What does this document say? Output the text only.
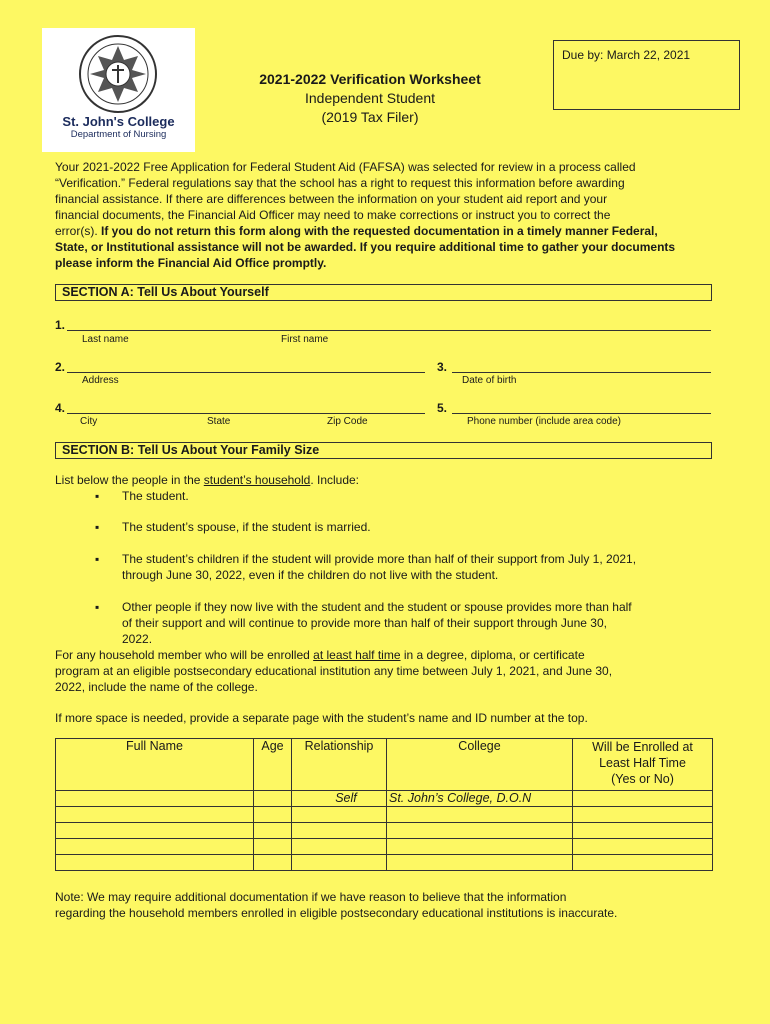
St. John's College
Department of Nursing
Due by: March 22, 2021
2021-2022 Verification Worksheet
Independent Student
(2019 Tax Filer)
Your 2021-2022 Free Application for Federal Student Aid (FAFSA) was selected for review in a process called
“Verification.” Federal regulations say that the school has a right to request this information before awarding
financial assistance. If there are differences between the information on your student aid report and your
financial documents, the Financial Aid Officer may need to make corrections or instruct you to correct the
error(s). If you do not return this form along with the requested documentation in a timely manner Federal,
State, or Institutional assistance will not be awarded. If you require additional time to gather your documents
please inform the Financial Aid Office promptly.
SECTION A: Tell Us About Yourself
1.
Last name	First name
2.
Address
3.
Date of birth
4.
City	State	Zip Code
5.
Phone number (include area code)
SECTION B: Tell Us About Your Family Size
List below the people in the student’s household. Include:
▪ The student.
▪ The student’s spouse, if the student is married.
▪ The student’s children if the student will provide more than half of their support from July 1, 2021,
through June 30, 2022, even if the children do not live with the student.
▪ Other people if they now live with the student and the student or spouse provides more than half
of their support and will continue to provide more than half of their support through June 30,
2022.
For any household member who will be enrolled at least half time in a degree, diploma, or certificate
program at an eligible postsecondary educational institution any time between July 1, 2021, and June 30,
2022, include the name of the college.
If more space is needed, provide a separate page with the student’s name and ID number at the top.
Full Name	Age	Relationship	College	Will be Enrolled at
Least Half Time
(Yes or No)

		Self	St. John’s College, D.O.N	

Note: We may require additional documentation if we have reason to believe that the information
regarding the household members enrolled in eligible postsecondary educational institutions is inaccurate.
